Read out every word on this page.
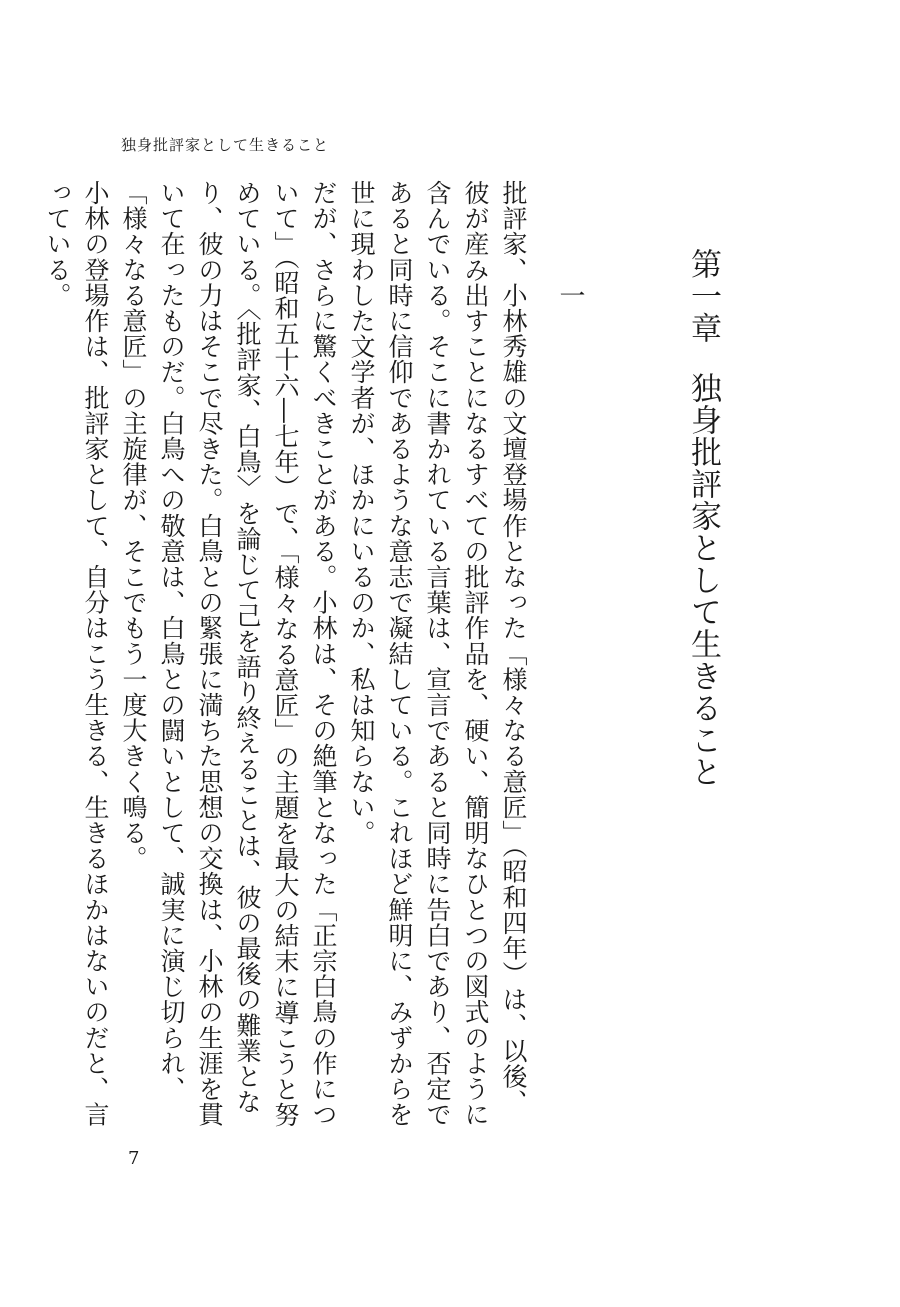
独身批評家として生きること
第一章独身批評家として生きること
一

批評家、小林秀雄の文壇登場作となった「様々なる意匠」（昭和四年）は、以後、彼が産み出すことになるすべての批評作品を、硬い、簡明なひとつの図式のように含んでいる。そこに書かれている言葉は、宣言であると同時に告白であり、否定であると同時に信仰であるような意志で凝結している。これほど鮮明に、みずからを世に現わした文学者が、ほかにいるのか、私は知らない。

だが、さらに驚くべきことがある。小林は、その絶筆となった「正宗白鳥の作について」（昭和五十六―七年）で、「様々なる意匠」の主題を最大の結末に導こうと努めている。〈批評家、白鳥〉を論じて己を語り終えることは、彼の最後の難業となり、彼の力はそこで尽きた。白鳥との緊張に満ちた思想の交換は、小林の生涯を貫いて在ったものだ。白鳥への敬意は、白鳥との闘いとして、誠実に演じ切られ、「様々なる意匠」の主旋律が、そこでもう一度大きく鳴る。

小林の登場作は、批評家として、自分はこう生きる、生きるほかはないのだと、言っている。

7
